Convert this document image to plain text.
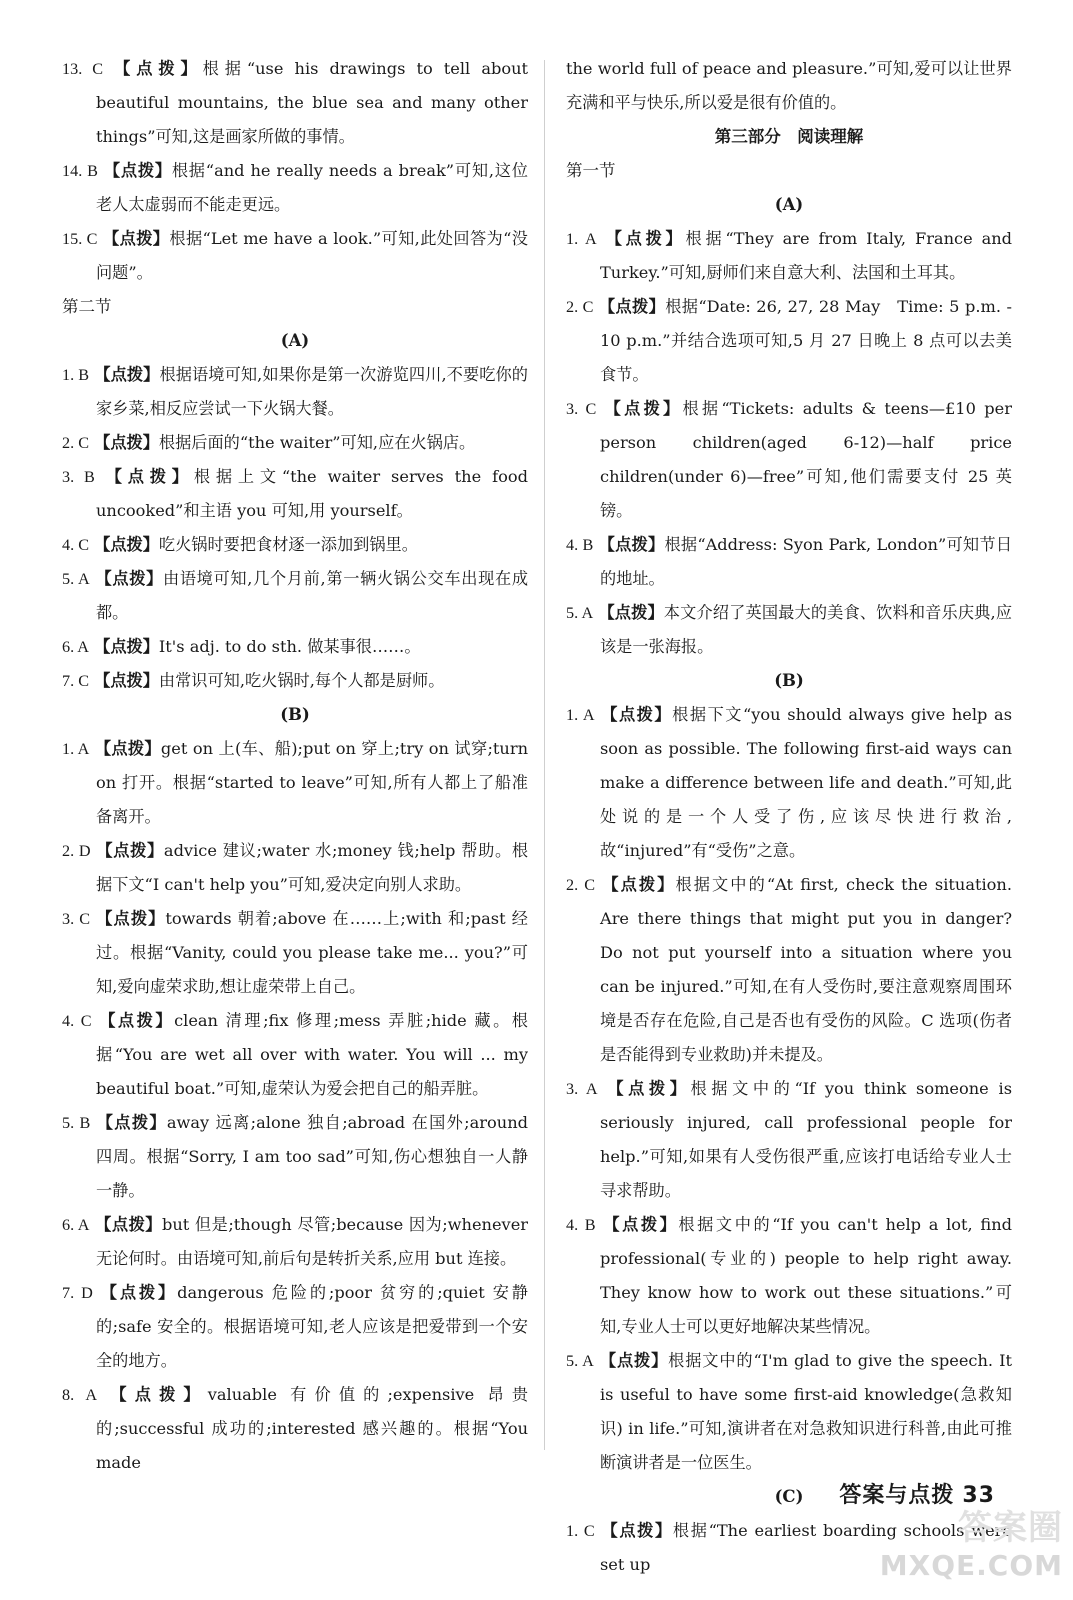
13. C 【点拨】根据“use his drawings to tell about beautiful mountains, the blue sea and many other things”可知,这是画家所做的事情。
14. B 【点拨】根据“and he really needs a break”可知,这位老人太虚弱而不能走更远。
15. C 【点拨】根据“Let me have a look.”可知,此处回答为“没问题”。
第二节
(A)
1. B 【点拨】根据语境可知,如果你是第一次游览四川,不要吃你的家乡菜,相反应尝试一下火锅大餐。
2. C 【点拨】根据后面的“the waiter”可知,应在火锅店。
3. B 【点拨】根据上文“the waiter serves the food uncooked”和主语 you 可知,用 yourself。
4. C 【点拨】吃火锅时要把食材逐一添加到锅里。
5. A 【点拨】由语境可知,几个月前,第一辆火锅公交车出现在成都。
6. A 【点拨】It's adj. to do sth. 做某事很……。
7. C 【点拨】由常识可知,吃火锅时,每个人都是厨师。
(B)
1. A 【点拨】get on 上(车、船);put on 穿上;try on 试穿;turn on 打开。根据“started to leave”可知,所有人都上了船准备离开。
2. D 【点拨】advice 建议;water 水;money 钱;help 帮助。根据下文“I can't help you”可知,爱决定向别人求助。
3. C 【点拨】towards 朝着;above 在……上;with 和;past 经过。根据“Vanity, could you please take me... you?”可知,爱向虚荣求助,想让虚荣带上自己。
4. C 【点拨】clean 清理;fix 修理;mess 弄脏;hide 藏。根据“You are wet all over with water. You will ... my beautiful boat.”可知,虚荣认为爱会把自己的船弄脏。
5. B 【点拨】away 远离;alone 独自;abroad 在国外;around 四周。根据“Sorry, I am too sad”可知,伤心想独自一人静一静。
6. A 【点拨】but 但是;though 尽管;because 因为;whenever 无论何时。由语境可知,前后句是转折关系,应用 but 连接。
7. D 【点拨】dangerous 危险的;poor 贫穷的;quiet 安静的;safe 安全的。根据语境可知,老人应该是把爱带到一个安全的地方。
8. A 【点拨】valuable 有价值的;expensive 昂贵的;successful 成功的;interested 感兴趣的。根据“You made
the world full of peace and pleasure.”可知,爱可以让世界充满和平与快乐,所以爱是很有价值的。
第三部分　阅读理解
第一节
(A)
1. A 【点拨】根据“They are from Italy, France and Turkey.”可知,厨师们来自意大利、法国和土耳其。
2. C 【点拨】根据“Date: 26, 27, 28 May　Time: 5 p.m. - 10 p.m.”并结合选项可知,5 月 27 日晚上 8 点可以去美食节。
3. C 【点拨】根据“Tickets: adults & teens—£10 per person children(aged 6-12)—half price　children(under 6)—free”可知,他们需要支付 25 英镑。
4. B 【点拨】根据“Address: Syon Park, London”可知节日的地址。
5. A 【点拨】本文介绍了英国最大的美食、饮料和音乐庆典,应该是一张海报。
(B)
1. A 【点拨】根据下文“you should always give help as soon as possible. The following first-aid ways can make a difference between life and death.”可知,此处说的是一个人受了伤,应该尽快进行救治,故“injured”有“受伤”之意。
2. C 【点拨】根据文中的“At first, check the situation. Are there things that might put you in danger? Do not put yourself into a situation where you can be injured.”可知,在有人受伤时,要注意观察周围环境是否存在危险,自己是否也有受伤的风险。C 选项(伤者是否能得到专业救助)并未提及。
3. A 【点拨】根据文中的“If you think someone is seriously injured, call professional people for help.”可知,如果有人受伤很严重,应该打电话给专业人士寻求帮助。
4. B 【点拨】根据文中的“If you can't help a lot, find professional(专业的) people to help right away. They know how to work out these situations.”可知,专业人士可以更好地解决某些情况。
5. A 【点拨】根据文中的“I'm glad to give the speech. It is useful to have some first-aid knowledge(急救知识) in life.”可知,演讲者在对急救知识进行科普,由此可推断演讲者是一位医生。
(C)
1. C 【点拨】根据“The earliest boarding schools were set up
答案与点拨 33
答案圈
MXQE.COM
